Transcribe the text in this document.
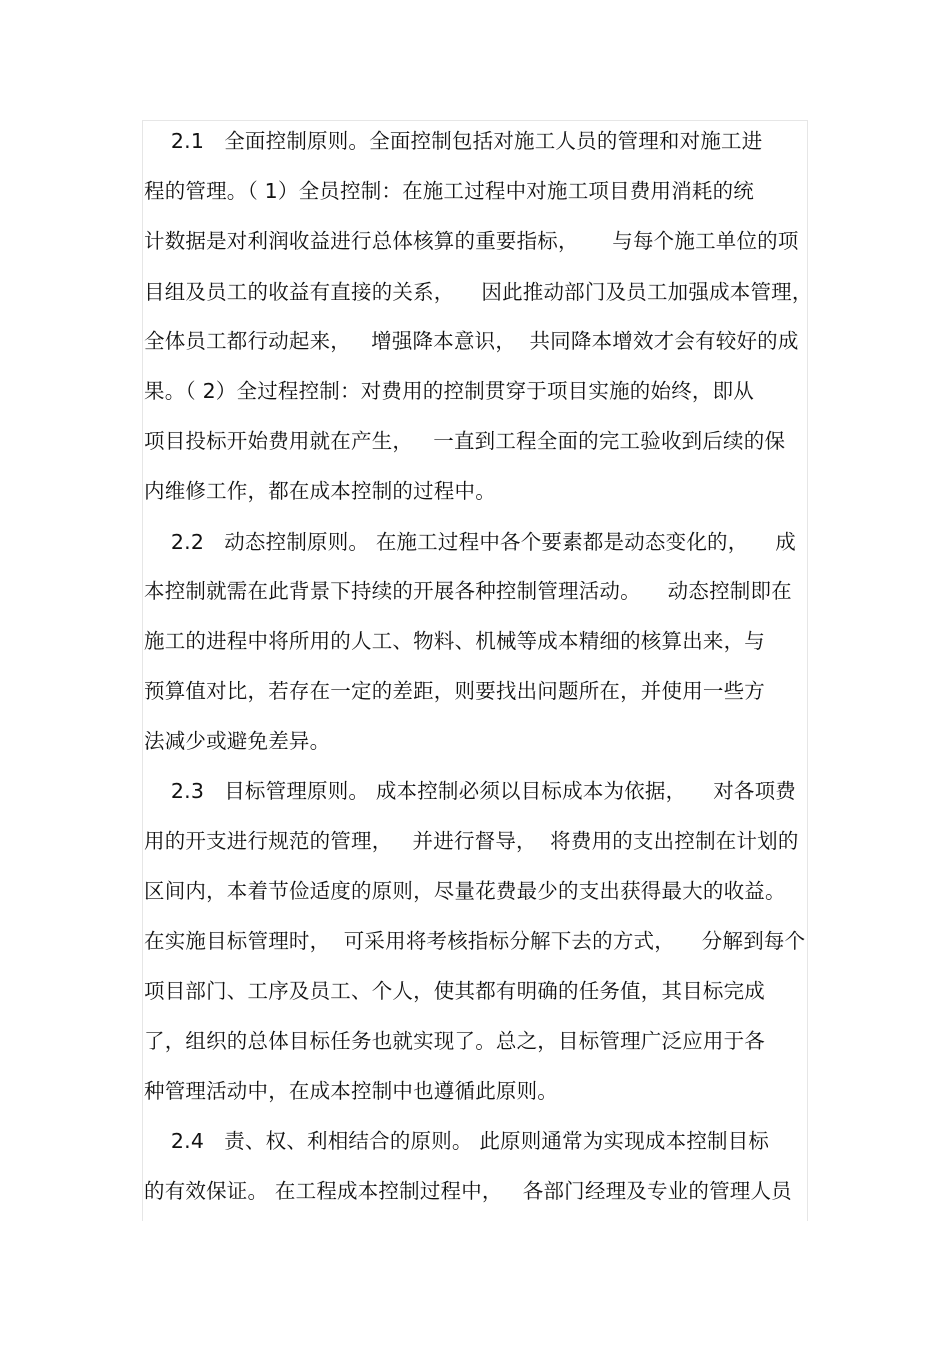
2.1   全面控制原则。全面控制包括对施工人员的管理和对施工进
程的管理。（ 1）全员控制：在施工过程中对施工项目费用消耗的统
计数据是对利润收益进行总体核算的重要指标，     与每个施工单位的项
目组及员工的收益有直接的关系，    因此推动部门及员工加强成本管理，
全体员工都行动起来，   增强降本意识，  共同降本增效才会有较好的成
果。（ 2）全过程控制：对费用的控制贯穿于项目实施的始终，即从
项目投标开始费用就在产生，   一直到工程全面的完工验收到后续的保
内维修工作，都在成本控制的过程中。
2.2   动态控制原则。 在施工过程中各个要素都是动态变化的，    成
本控制就需在此背景下持续的开展各种控制管理活动。    动态控制即在
施工的进程中将所用的人工、物料、机械等成本精细的核算出来，与
预算值对比，若存在一定的差距，则要找出问题所在，并使用一些方
法减少或避免差异。
2.3   目标管理原则。 成本控制必须以目标成本为依据，    对各项费
用的开支进行规范的管理，   并进行督导，  将费用的支出控制在计划的
区间内，本着节俭适度的原则，尽量花费最少的支出获得最大的收益。
在实施目标管理时，  可采用将考核指标分解下去的方式，    分解到每个
项目部门、工序及员工、个人，使其都有明确的任务值，其目标完成
了，组织的总体目标任务也就实现了。总之，目标管理广泛应用于各
种管理活动中，在成本控制中也遵循此原则。
2.4   责、权、利相结合的原则。 此原则通常为实现成本控制目标
的有效保证。 在工程成本控制过程中，   各部门经理及专业的管理人员
